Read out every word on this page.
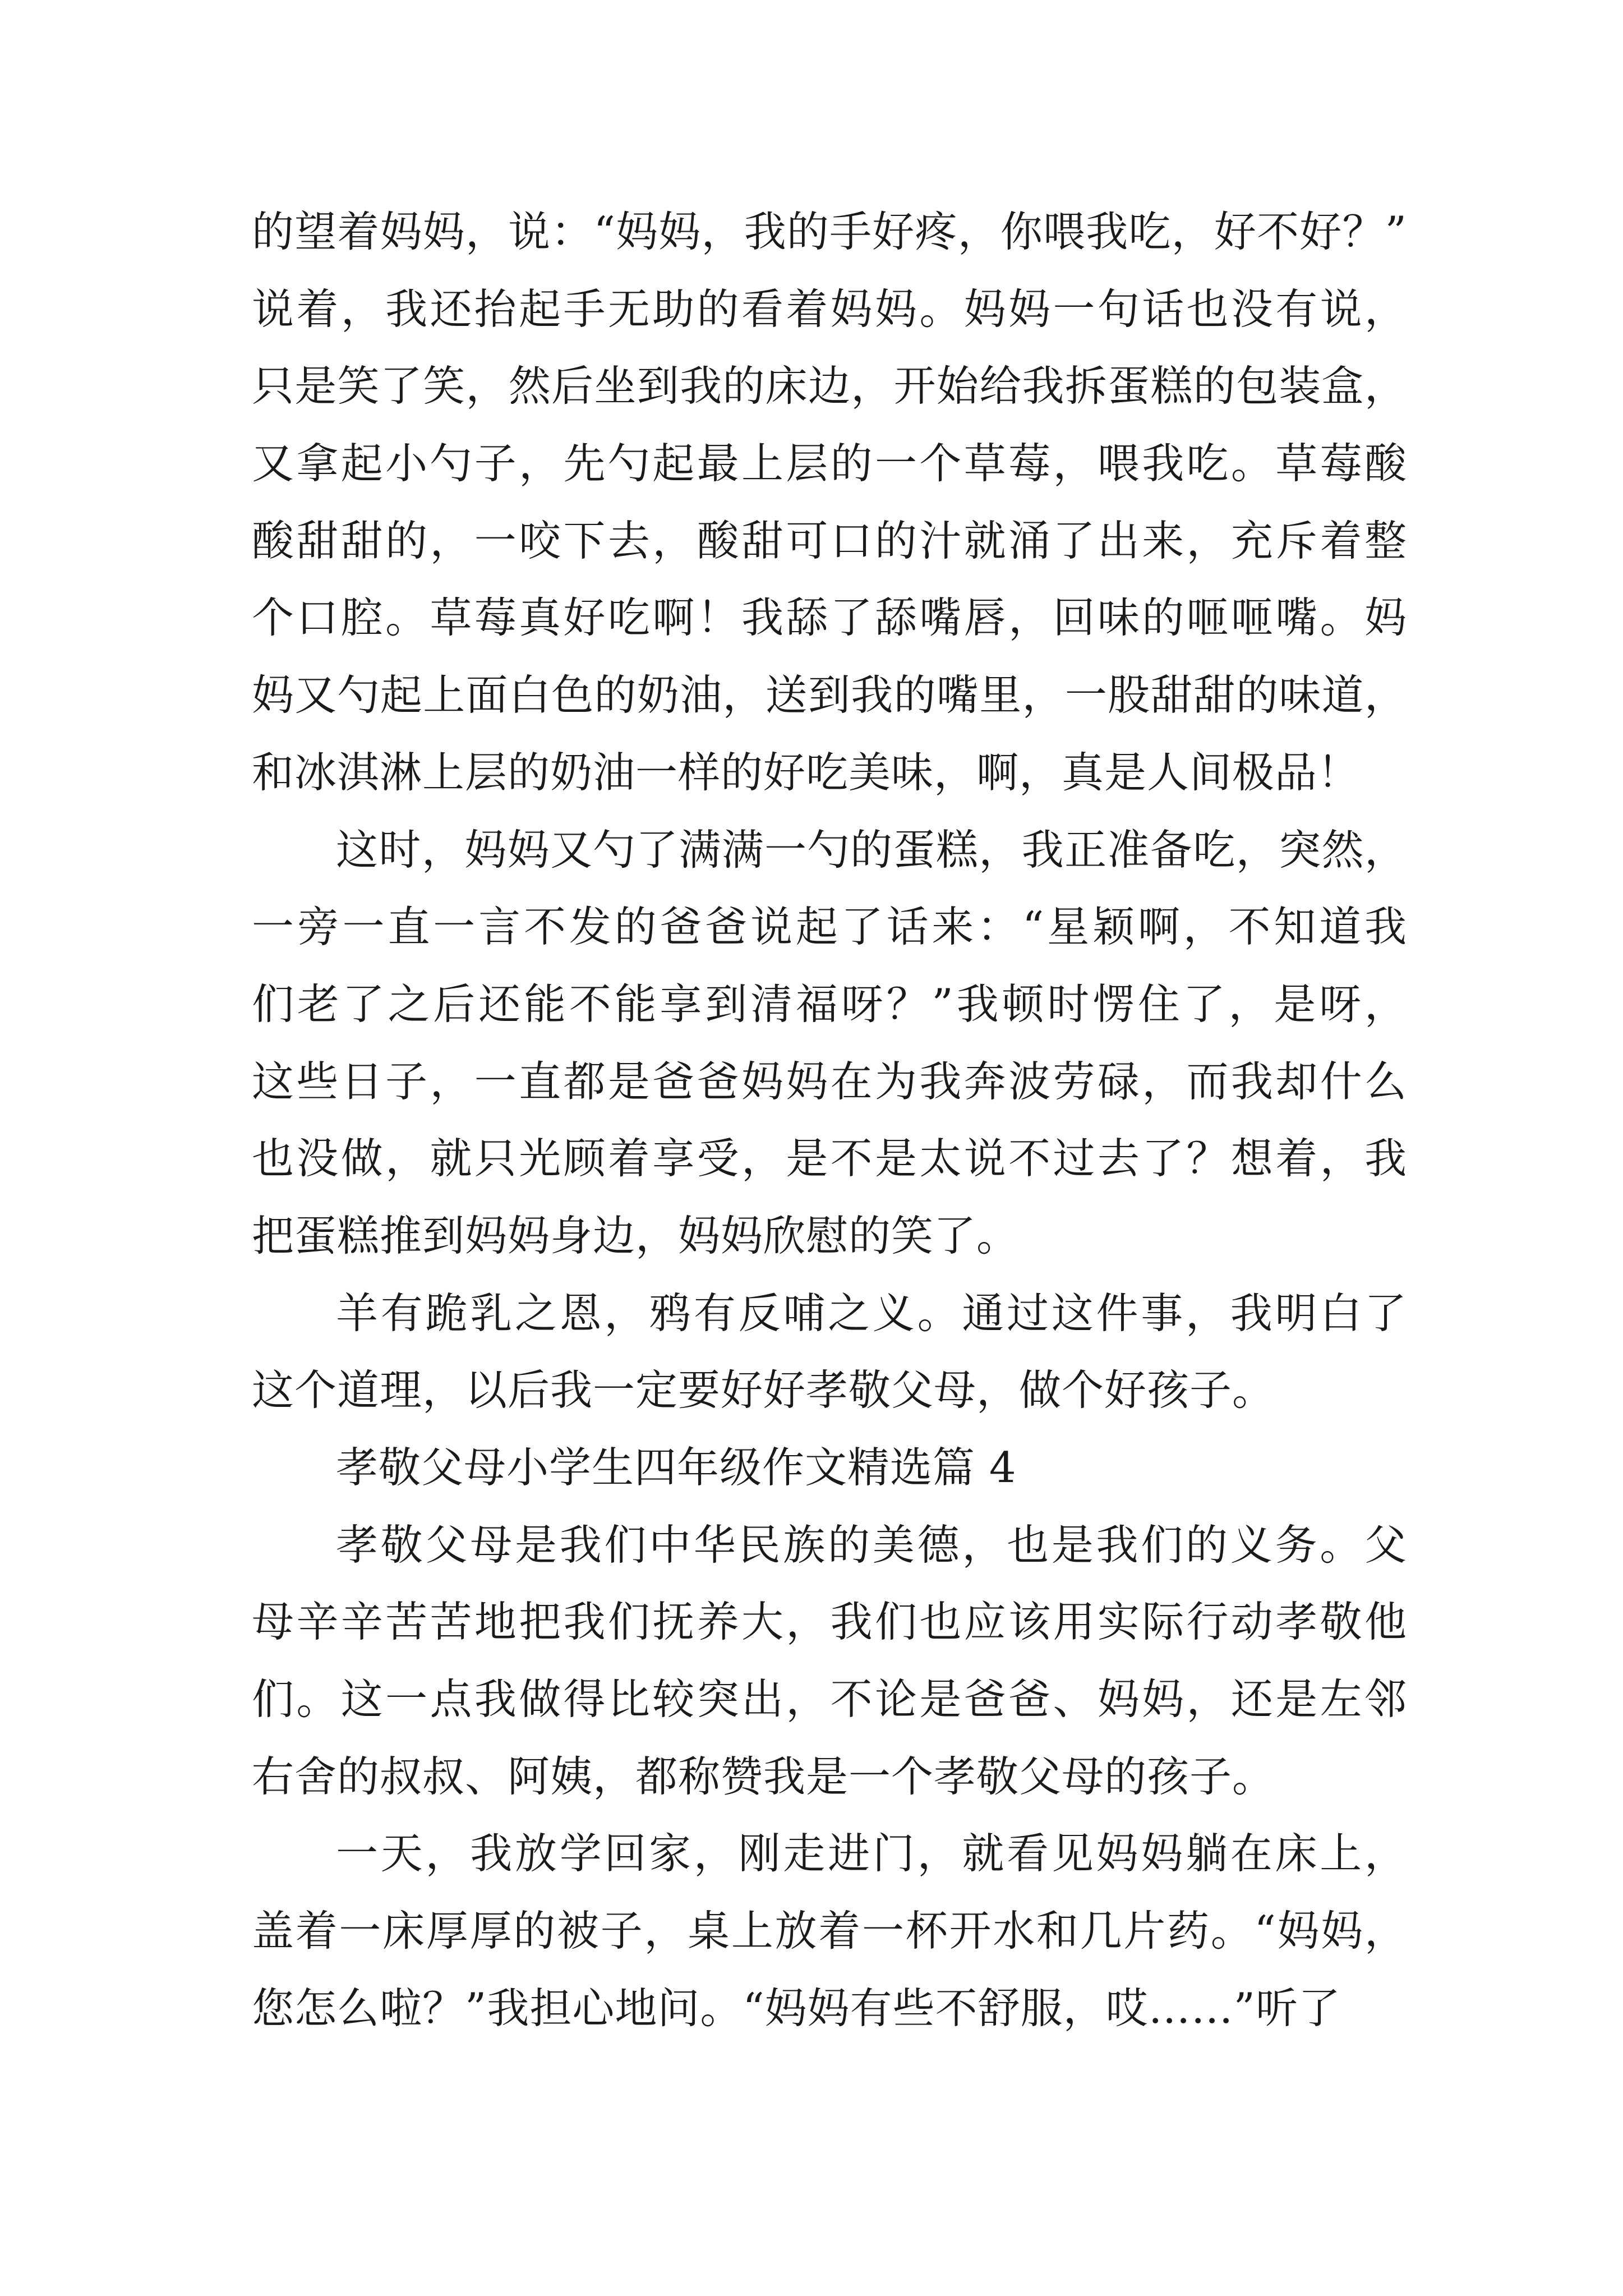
的望着妈妈，说：“妈妈，我的手好疼，你喂我吃，好不好？”
说着，我还抬起手无助的看着妈妈。妈妈一句话也没有说，
只是笑了笑，然后坐到我的床边，开始给我拆蛋糕的包装盒，
又拿起小勺子，先勺起最上层的一个草莓，喂我吃。草莓酸
酸甜甜的，一咬下去，酸甜可口的汁就涌了出来，充斥着整
个口腔。草莓真好吃啊！我舔了舔嘴唇，回味的咂咂嘴。妈
妈又勺起上面白色的奶油，送到我的嘴里，一股甜甜的味道，
和冰淇淋上层的奶油一样的好吃美味，啊，真是人间极品！
这时，妈妈又勺了满满一勺的蛋糕，我正准备吃，突然，
一旁一直一言不发的爸爸说起了话来：“星颖啊，不知道我
们老了之后还能不能享到清福呀？”我顿时愣住了，是呀，
这些日子，一直都是爸爸妈妈在为我奔波劳碌，而我却什么
也没做，就只光顾着享受，是不是太说不过去了？想着，我
把蛋糕推到妈妈身边，妈妈欣慰的笑了。
羊有跪乳之恩，鸦有反哺之义。通过这件事，我明白了
这个道理，以后我一定要好好孝敬父母，做个好孩子。
孝敬父母小学生四年级作文精选篇 4
孝敬父母是我们中华民族的美德，也是我们的义务。父
母辛辛苦苦地把我们抚养大，我们也应该用实际行动孝敬他
们。这一点我做得比较突出，不论是爸爸、妈妈，还是左邻
右舍的叔叔、阿姨，都称赞我是一个孝敬父母的孩子。
一天，我放学回家，刚走进门，就看见妈妈躺在床上，
盖着一床厚厚的被子，桌上放着一杯开水和几片药。“妈妈，
您怎么啦？”我担心地问。“妈妈有些不舒服，哎……”听了
